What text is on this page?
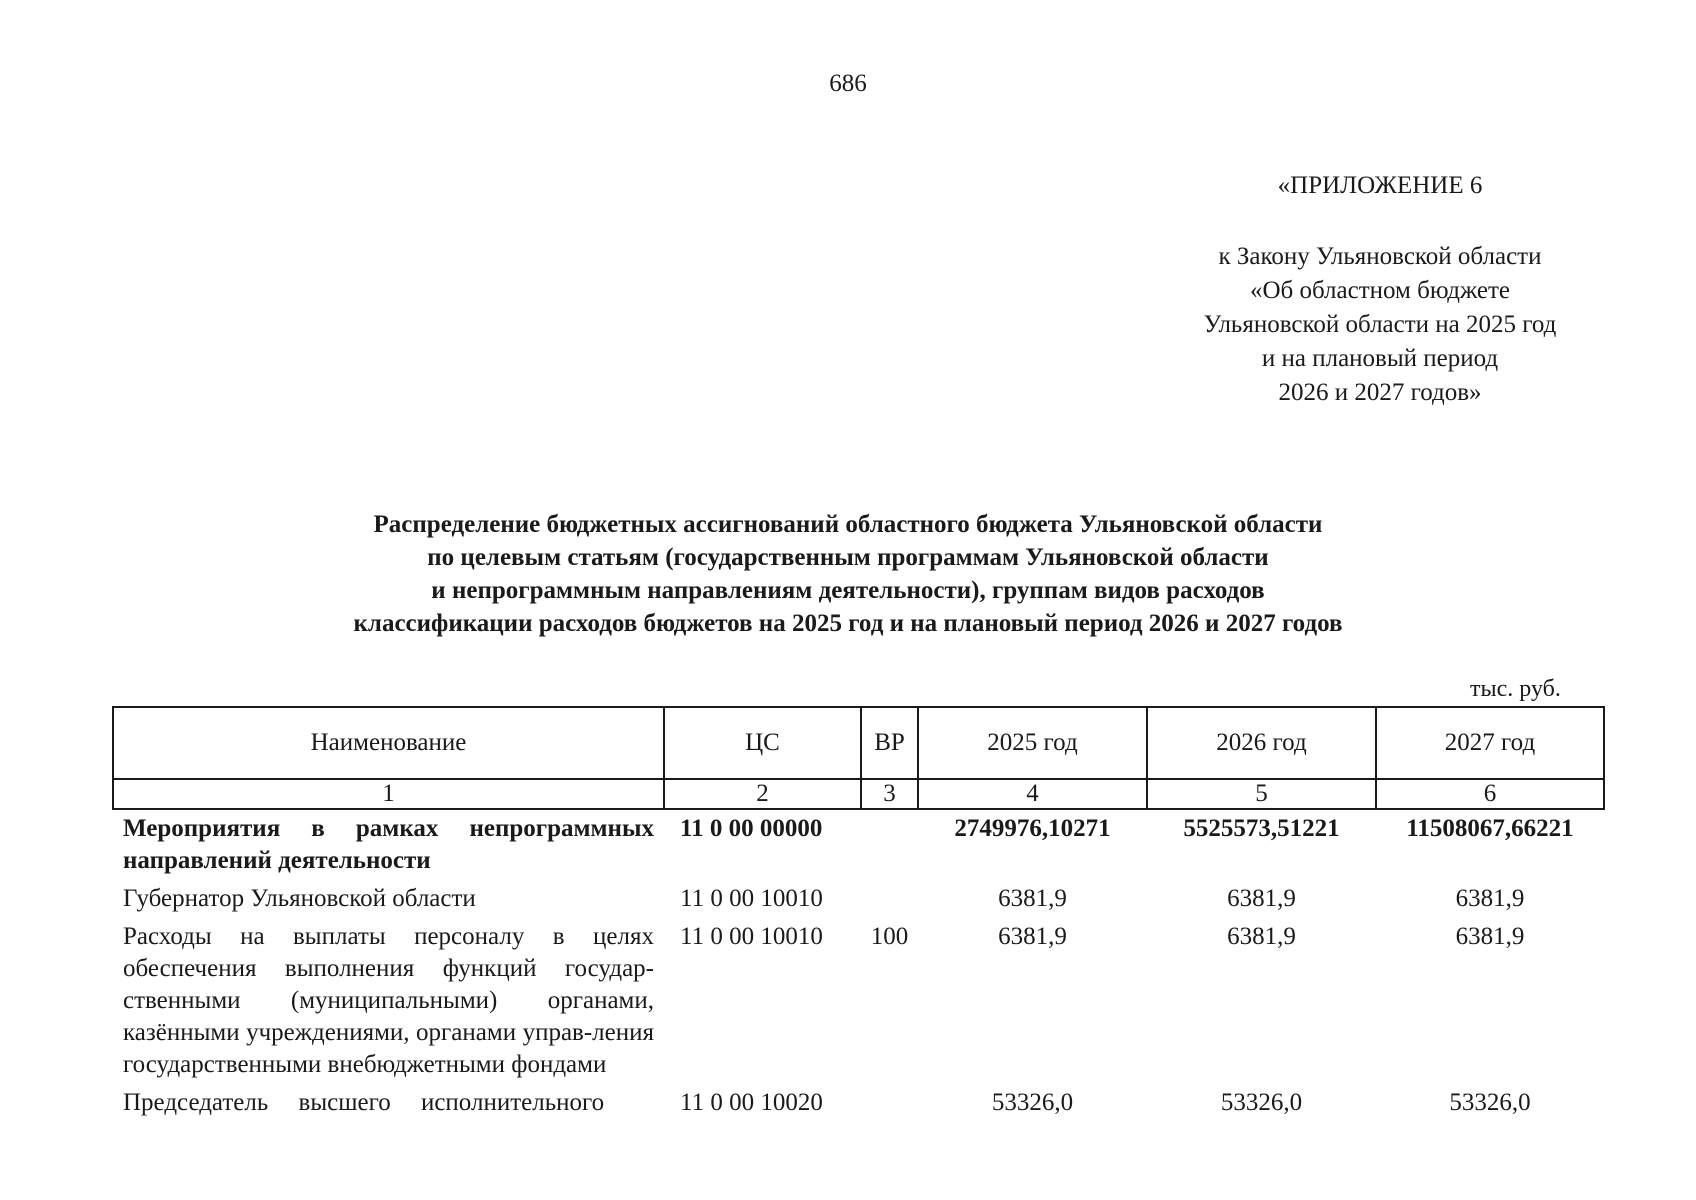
686
«ПРИЛОЖЕНИЕ 6
к Закону Ульяновской области
«Об областном бюджете
Ульяновской области на 2025 год
и на плановый период
2026 и 2027 годов»
Распределение бюджетных ассигнований областного бюджета Ульяновской области
по целевым статьям (государственным программам Ульяновской области
и непрограммным направлениям деятельности), группам видов расходов
классификации расходов бюджетов на 2025 год и на плановый период 2026 и 2027 годов
тыс. руб.
Наименование	ЦС	ВР	2025 год	2026 год	2027 год
1	2	3	4	5	6
Мероприятия в рамках непрограммных направлений деятельности	11 0 00 00000		2749976,10271	5525573,51221	11508067,66221
Губернатор Ульяновской области	11 0 00 10010		6381,9	6381,9	6381,9
Расходы на выплаты персоналу в целях обеспечения выполнения функций государ-ственными (муниципальными) органами, казёнными учреждениями, органами управ-ления государственными внебюджетными фондами	11 0 00 10010	100	6381,9	6381,9	6381,9
Председатель высшего исполнительного	11 0 00 10020		53326,0	53326,0	53326,0
